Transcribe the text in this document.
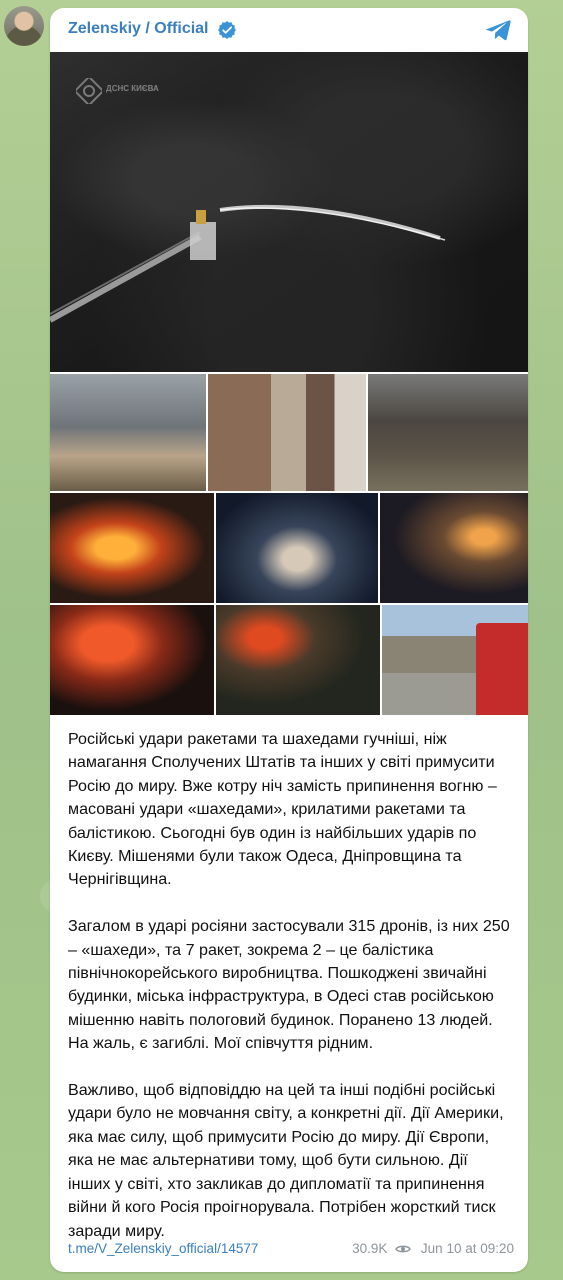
Zelenskiy / Official

Російські удари ракетами та шахедами гучніші, ніж намагання Сполучених Штатів та інших у світі примусити Росію до миру. Вже котру ніч замість припинення вогню – масовані удари «шахедами», крилатими ракетами та балістикою. Сьогодні був один із найбільших ударів по Києву. Мішенями були також Одеса, Дніпровщина та Чернігівщина.

Загалом в ударі росіяни застосували 315 дронів, із них 250 – «шахеди», та 7 ракет, зокрема 2 – це балістика північнокорейського виробництва. Пошкоджені звичайні будинки, міська інфраструктура, в Одесі став російською мішенню навіть пологовий будинок. Поранено 13 людей. На жаль, є загиблі. Мої співчуття рідним.

Важливо, щоб відповіддю на цей та інші подібні російські удари було не мовчання світу, а конкретні дії. Дії Америки, яка має силу, щоб примусити Росію до миру. Дії Європи, яка не має альтернативи тому, щоб бути сильною. Дії інших у світі, хто закликав до дипломатії та припинення війни й кого Росія проігнорувала. Потрібен жорсткий тиск заради миру.

t.me/V_Zelenskiy_official/14577	30.9K Jun 10 at 09:20
